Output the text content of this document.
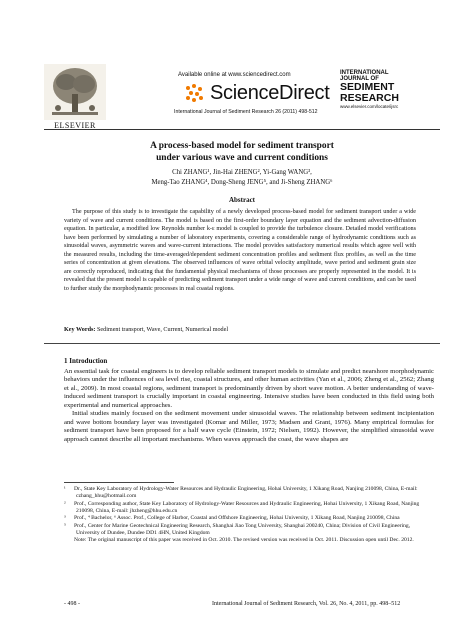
ELSEVIER
Available online at www.sciencedirect.com
ScienceDirect
International Journal of Sediment Research 26 (2011) 498-512
INTERNATIONAL
JOURNAL OF
SEDIMENT
RESEARCH
www.elsevier.com/locate/ijsrc
A process-based model for sediment transport
under various wave and current conditions
Chi ZHANG¹, Jin-Hai ZHENG², Yi-Gang WANG³,
Meng-Tao ZHANG⁴, Dong-Sheng JENG⁵, and Ji-Sheng ZHANG⁶
Abstract
The purpose of this study is to investigate the capability of a newly developed process-based model for sediment transport under a wide variety of wave and current conditions. The model is based on the first-order boundary layer equation and the sediment advection-diffusion equation. In particular, a modified low Reynolds number k-ε model is coupled to provide the turbulence closure. Detailed model verifications have been performed by simulating a number of laboratory experiments, covering a considerable range of hydrodynamic conditions such as sinusoidal waves, asymmetric waves and wave-current interactions. The model provides satisfactory numerical results which agree well with the measured results, including the time-averaged/dependent sediment concentration profiles and sediment flux profiles, as well as the time series of concentration at given elevations. The observed influences of wave orbital velocity amplitude, wave period and sediment grain size are correctly reproduced, indicating that the fundamental physical mechanisms of those processes are properly represented in the model. It is revealed that the present model is capable of predicting sediment transport under a wide range of wave and current conditions, and can be used to further study the morphodynamic processes in real coastal regions.
Key Words: Sediment transport, Wave, Current, Numerical model
1 Introduction

An essential task for coastal engineers is to develop reliable sediment transport models to simulate and predict nearshore morphodynamic behaviors under the influences of sea level rise, coastal structures, and other human activities (Yan et al., 2006; Zheng et al., 2562; Zhang et al., 2009). In most coastal regions, sediment transport is predominantly driven by short wave motion. A better understanding of wave-induced sediment transport is crucially important in coastal engineering. Intensive studies have been conducted in this field using both experimental and numerical approaches.

Initial studies mainly focused on the sediment movement under sinusoidal waves. The relationship between sediment incipientation and wave bottom boundary layer was investigated (Komar and Miller, 1973; Madsen and Grant, 1976). Many empirical formulas for sediment transport have been proposed for a half wave cycle (Einstein, 1972; Nielsen, 1992). However, the simplified sinusoidal wave approach cannot describe all important mechanisms. When waves approach the coast, the wave shapes are

¹ Dr., State Key Laboratory of Hydrology-Water Resources and Hydraulic Engineering, Hohai University, 1 Xikang Road, Nanjing 210098, China, E-mail: czhang_hhu@hotmail.com

² Prof., Corresponding author, State Key Laboratory of Hydrology-Water Resources and Hydraulic Engineering, Hohai University, 1 Xikang Road, Nanjing 210098, China, E-mail: jhzheng@hhu.edu.cn

³ Prof., ⁴ Bachelor, ⁶ Assoc. Prof., College of Harbor, Coastal and Offshore Engineering, Hohai University, 1 Xikang Road, Nanjing 210098, China

⁵ Prof., Center for Marine Geotechnical Engineering Research, Shanghai Jiao Tong University, Shanghai 200240, China; Division of Civil Engineering, University of Dundee, Dundee DD1 4HN, United Kingdom

Note: The original manuscript of this paper was received in Oct. 2010. The revised version was received in Oct. 2011. Discussion open until Dec. 2012.

- 498 -	International Journal of Sediment Research, Vol. 26, No. 4, 2011, pp. 498–512
